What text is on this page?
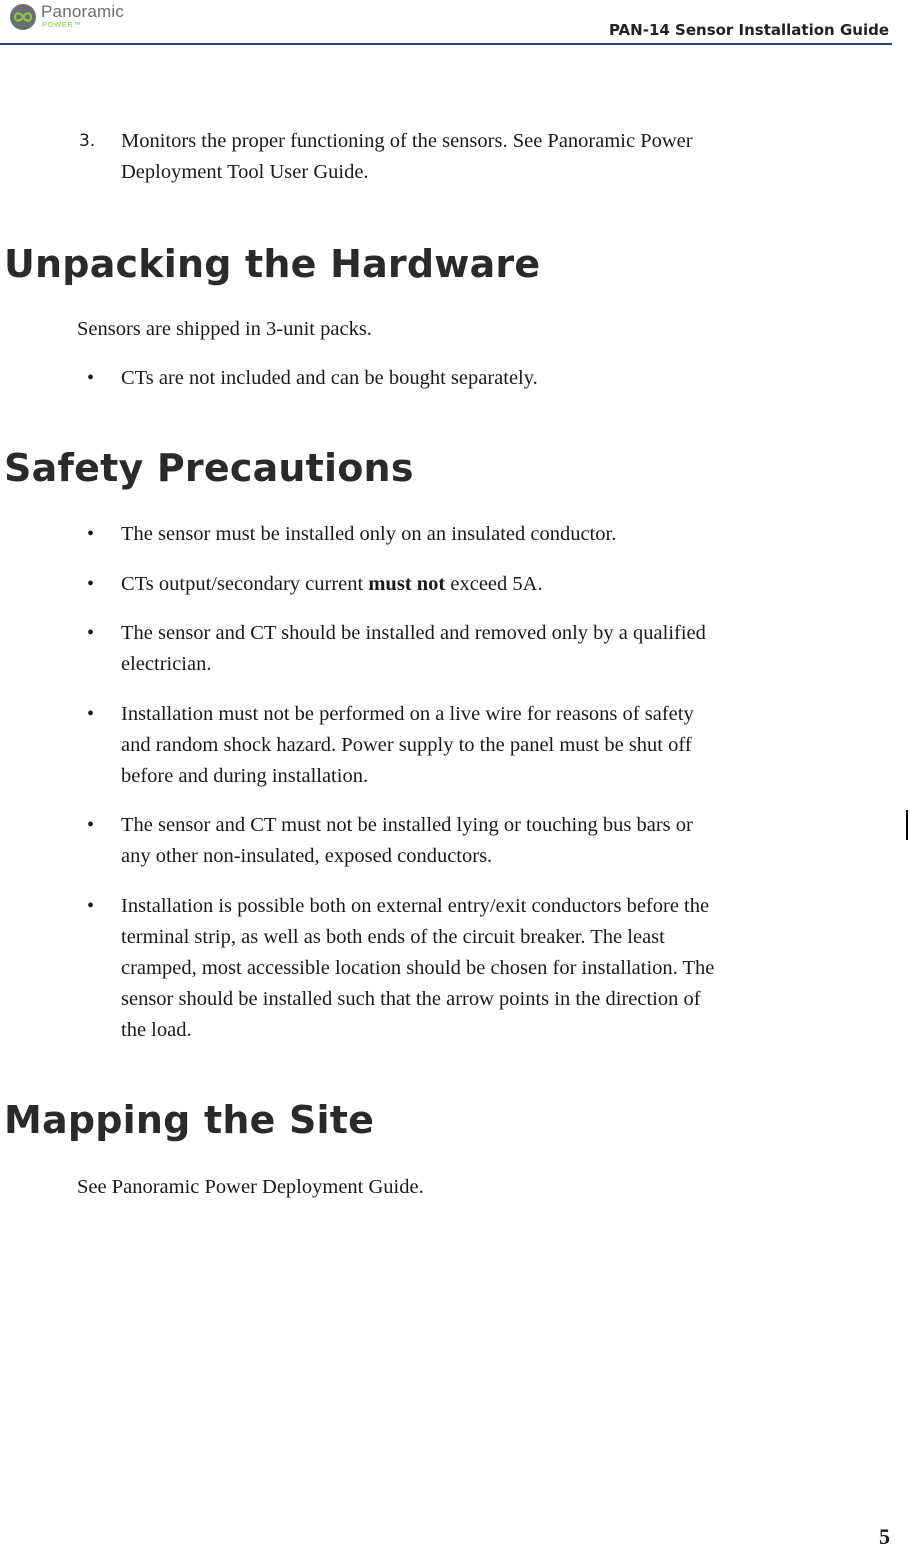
Panoramic
POWER™	PAN-14 Sensor Installation Guide
3. Monitors the proper functioning of the sensors. See Panoramic Power
Deployment Tool User Guide.
Unpacking the Hardware
Sensors are shipped in 3-unit packs.
• CTs are not included and can be bought separately.
Safety Precautions
• The sensor must be installed only on an insulated conductor.
• CTs output/secondary current must not exceed 5A.
• The sensor and CT should be installed and removed only by a qualified
electrician.
• Installation must not be performed on a live wire for reasons of safety
and random shock hazard. Power supply to the panel must be shut off
before and during installation.
• The sensor and CT must not be installed lying or touching bus bars or
any other non-insulated, exposed conductors.
• Installation is possible both on external entry/exit conductors before the
terminal strip, as well as both ends of the circuit breaker. The least
cramped, most accessible location should be chosen for installation. The
sensor should be installed such that the arrow points in the direction of
the load.
Mapping the Site
See Panoramic Power Deployment Guide.
5
